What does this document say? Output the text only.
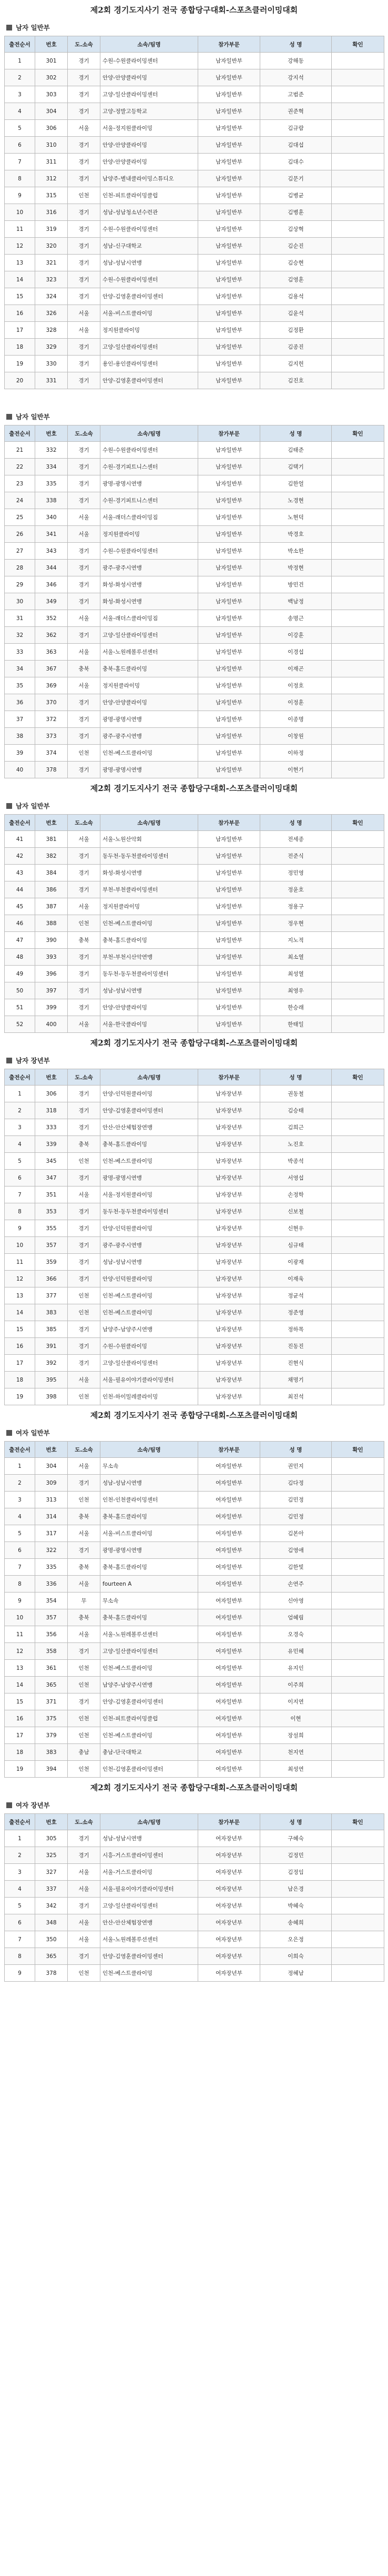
제2회 경기도지사기 전국 종합당구대회-스포츠클러이밍대회
남자 일반부
출전순서	번호	도.소속	소속/팀명	참가부문	성 명	확인
1	301	경기	수원-수원클라이밍센터	남자일반부	강해동	
2	302	경기	안양-안양클라이밍	남자일반부	강지석	
3	303	경기	고양-일산클라이밍센터	남자일반부	고범준	
4	304	경기	고양-정발고등학교	남자일반부	권준혁	
5	306	서울	서울-정지원클라이밍	남자일반부	김규람	
6	310	경기	안양-안양클라이밍	남자일반부	김대섭	
7	311	경기	안양-안양클라이밍	남자일반부	김대수	
8	312	경기	남양주-별내클라이밍스튜디오	남자일반부	김문기	
9	315	인천	인천-피트클라이밍클럽	남자일반부	김병균	
10	316	경기	성남-성남청소년수련관	남자일반부	김병훈	
11	319	경기	수원-수원클라이밍센터	남자일반부	김상혁	
12	320	경기	성남-신구대학교	남자일반부	김순진	
13	321	경기	성남-성남시연맹	남자일반부	김승현	
14	323	경기	수원-수원클라이밍센터	남자일반부	김영훈	
15	324	경기	안양-김영훈클라이밍센터	남자일반부	김용석	
16	326	서울	서울-비스트클라이밍	남자일반부	김윤석	
17	328	서울	정지원클라이밍	남자일반부	김정환	
18	329	경기	고양-일산클라이밍센터	남자일반부	김종진	
19	330	경기	용인-용인클라이밍센터	남자일반부	김지헌	
20	331	경기	안양-김영훈클라이밍센터	남자일반부	김진호	
남자 일반부
출전순서	번호	도.소속	소속/팀명	참가부문	성 명	확인
21	332	경기	수원-수원클라이밍센터	남자일반부	김태준	
22	334	경기	수원-경기피트니스센터	남자일반부	김택기	
23	335	경기	광명-광명시연맹	남자일반부	김한얼	
24	338	경기	수원-경기피트니스센터	남자일반부	노경현	
25	340	서울	서울-래더스클라이밍짐	남자일반부	노현덕	
26	341	서울	정지원클라이밍	남자일반부	박경호	
27	343	경기	수원-수원클라이밍센터	남자일반부	박소한	
28	344	경기	광주-광주시연맹	남자일반부	박정현	
29	346	경기	화성-화성시연맹	남자일반부	방민건	
30	349	경기	화성-화성시연맹	남자일반부	백남정	
31	352	서울	서울-래더스클라이밍짐	남자일반부	송명근	
32	362	경기	고양-일산클라이밍센터	남자일반부	이강훈	
33	363	서울	서울-노원레볼루션센터	남자일반부	이경섭	
34	367	충북	충북-홀드클라이밍	남자일반부	이재곤	
35	369	서울	정지원클라이밍	남자일반부	이정호	
36	370	경기	안양-안양클라이밍	남자일반부	이정훈	
37	372	경기	광명-광명시연맹	남자일반부	이종명	
38	373	경기	광주-광주시연맹	남자일반부	이창원	
39	374	인천	인천-베스트클라이밍	남자일반부	이하정	
40	378	경기	광명-광명시연맹	남자일반부	이현기	
제2회 경기도지사기 전국 종합당구대회-스포츠클러이밍대회
남자 일반부
출전순서	번호	도.소속	소속/팀명	참가부문	성 명	확인
41	381	서울	서울-노원산악회	남자일반부	전세종	
42	382	경기	동두천-동두천클라이밍센터	남자일반부	전준식	
43	384	경기	화성-화성시연맹	남자일반부	정민영	
44	386	경기	부천-부천클라이밍센터	남자일반부	정윤호	
45	387	서울	정지원클라이밍	남자일반부	정용구	
46	388	인천	인천-베스트클라이밍	남자일반부	정우현	
47	390	충북	충북-홀드클라이밍	남자일반부	지노적	
48	393	경기	부천-부천시산악연맹	남자일반부	최소열	
49	396	경기	동두천-동두천클라이밍센터	남자일반부	최성열	
50	397	경기	성남-성남시연맹	남자일반부	최영우	
51	399	경기	안양-안양클라이밍	남자일반부	한승래	
52	400	서울	서울-한국클라이밍	남자일반부	한태일	
제2회 경기도지사기 전국 종합당구대회-스포츠클러이밍대회
남자 장년부
출전순서	번호	도.소속	소속/팀명	참가부문	성 명	확인
1	306	경기	안양-인덕원클라이밍	남자장년부	권동철	
2	318	경기	안양-김영훈클라이밍센터	남자장년부	김승태	
3	333	경기	안산-안산체험장연맹	남자장년부	김희근	
4	339	충북	충북-홀드클라이밍	남자장년부	노진호	
5	345	인천	인천-베스트클라이밍	남자장년부	박종석	
6	347	경기	광명-광명시연맹	남자장년부	서영섭	
7	351	서울	서울-정지원클라이밍	남자장년부	손정학	
8	353	경기	동두천-동두천클라이밍센터	남자장년부	신보철	
9	355	경기	안양-인덕원클라이밍	남자장년부	신현우	
10	357	경기	광주-광주시연맹	남자장년부	심규태	
11	359	경기	성남-성남시연맹	남자장년부	이광재	
12	366	경기	안양-인덕원클라이밍	남자장년부	이재욱	
13	377	인천	인천-베스트클라이밍	남자장년부	정균석	
14	383	인천	인천-베스트클라이밍	남자장년부	정준영	
15	385	경기	남양주-남양주시연맹	남자장년부	정하목	
16	391	경기	수원-수원클라이밍	남자장년부	진동진	
17	392	경기	고양-일산클라이밍센터	남자장년부	진현식	
18	395	서울	서울-필유이야기클라이밍센터	남자장년부	채명기	
19	398	인천	인천-하이밀레클라이밍	남자장년부	최진석	
제2회 경기도지사기 전국 종합당구대회-스포츠클러이밍대회
여자 일반부
출전순서	번호	도.소속	소속/팀명	참가부문	성 명	확인
1	304	서울	무소속	여자일반부	권민지	
2	309	경기	성남-성남시연맹	여자일반부	김다정	
3	313	인천	인천-인천클라이밍센터	여자일반부	김민정	
4	314	충북	충북-홀드클라이밍	여자일반부	김민정	
5	317	서울	서울-비스트클라이밍	여자일반부	김본아	
6	322	경기	광명-광명시연맹	여자일반부	김영애	
7	335	충북	충북-홀드클라이밍	여자일반부	김한빛	
8	336	서울	fourteen A	여자일반부	손연주	
9	354	무	무소속	여자일반부	신아영	
10	357	충북	충북-홀드클라이밍	여자일반부	엄혜림	
11	356	서울	서울-노원레볼루션센터	여자일반부	오경숙	
12	358	경기	고양-일산클라이밍센터	여자일반부	유민혜	
13	361	인천	인천-베스트클라이밍	여자일반부	유지인	
14	365	인천	남양주-남양주시연맹	여자일반부	이주희	
15	371	경기	안양-김영훈클라이밍센터	여자일반부	이지연	
16	375	인천	인천-피트클라이밍클럽	여자일반부	이현	
17	379	인천	인천-베스트클라이밍	여자일반부	장설희	
18	383	충남	충남-단국대학교	여자일반부	천지연	
19	394	인천	인천-김영훈클라이밍센터	여자일반부	최성연	
제2회 경기도지사기 전국 종합당구대회-스포츠클러이밍대회
여자 장년부
출전순서	번호	도.소속	소속/팀명	참가부문	성 명	확인
1	305	경기	성남-성남시연맹	여자장년부	구혜숙	
2	325	경기	시흥-거스트클라이밍센터	여자장년부	김정민	
3	327	서울	서울-거스트클라이밍	여자장년부	김정임	
4	337	서울	서울-필유이야기클라이밍센터	여자장년부	남은경	
5	342	경기	고양-일산클라이밍센터	여자장년부	박혜숙	
6	348	서울	안산-안산체험장연맹	여자장년부	송혜희	
7	350	서울	서울-노원레볼루션센터	여자장년부	오은정	
8	365	경기	안양-김영훈클라이밍센터	여자장년부	이희숙	
9	378	인천	인천-베스트클라이밍	여자장년부	정혜남	
